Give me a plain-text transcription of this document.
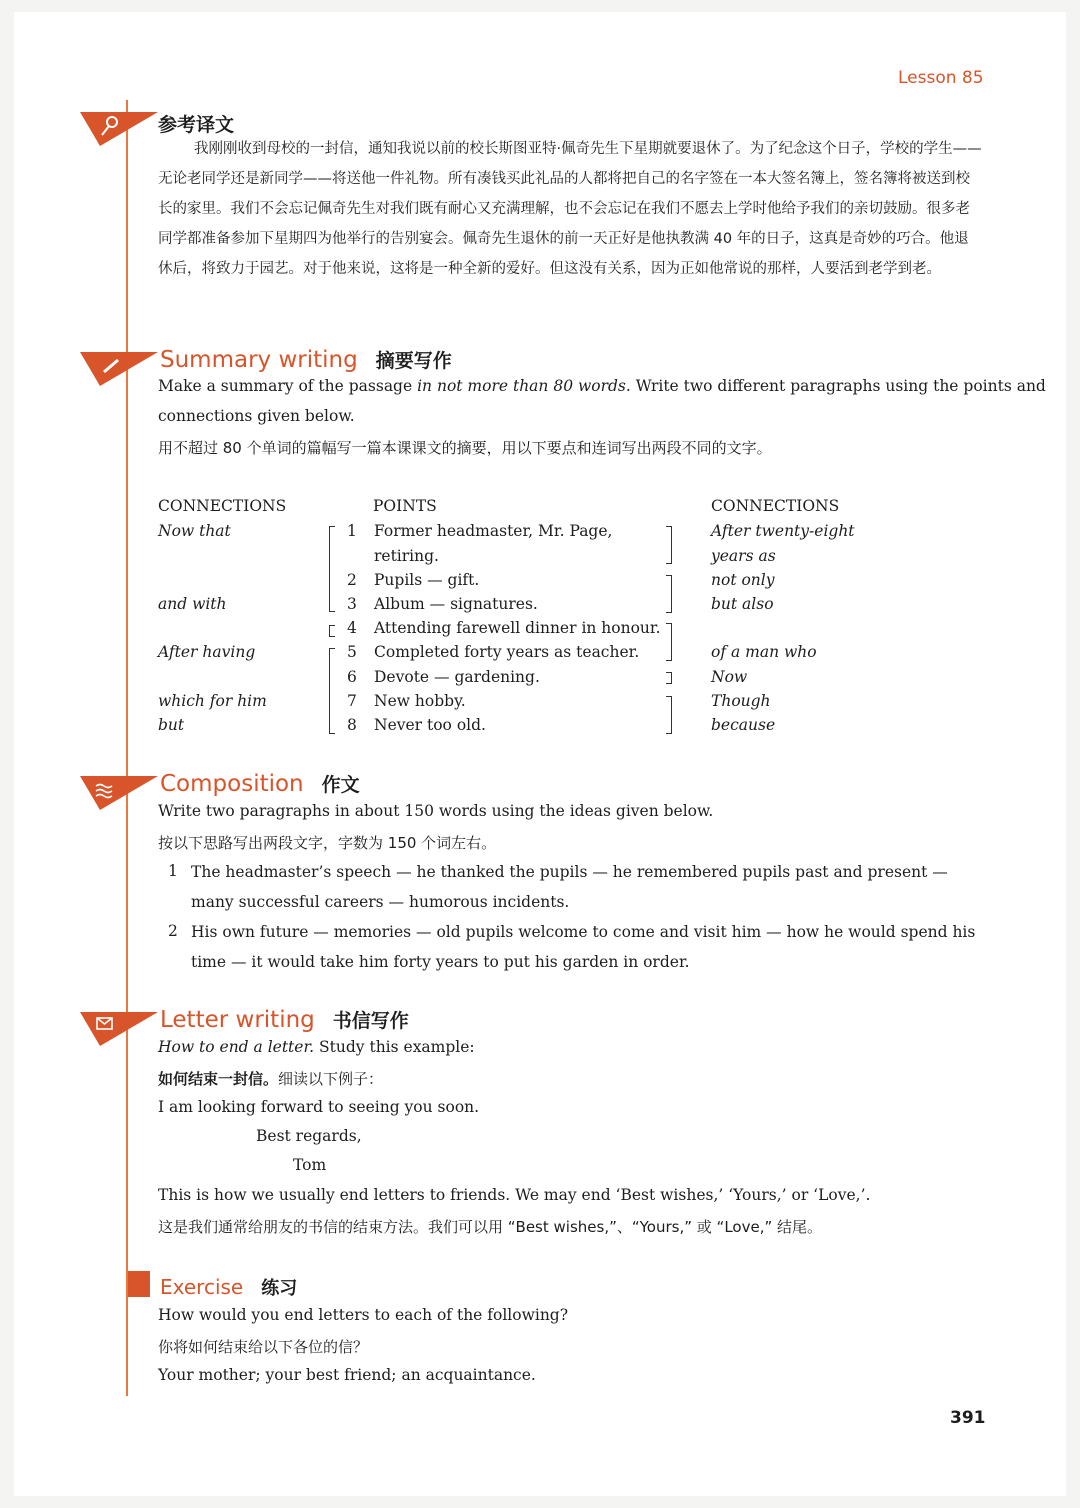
Lesson 85
参考译文
我刚刚收到母校的一封信，通知我说以前的校长斯图亚特·佩奇先生下星期就要退休了。为了纪念这个日子，学校的学生——无论老同学还是新同学——将送他一件礼物。所有凑钱买此礼品的人都将把自己的名字签在一本大签名簿上，签名簿将被送到校长的家里。我们不会忘记佩奇先生对我们既有耐心又充满理解，也不会忘记在我们不愿去上学时他给予我们的亲切鼓励。很多老同学都准备参加下星期四为他举行的告别宴会。佩奇先生退休的前一天正好是他执教满 40 年的日子，这真是奇妙的巧合。他退休后，将致力于园艺。对于他来说，这将是一种全新的爱好。但这没有关系，因为正如他常说的那样，人要活到老学到老。
Summary writing 摘要写作
Make a summary of the passage in not more than 80 words. Write two different paragraphs using the points and
connections given below.
用不超过 80 个单词的篇幅写一篇本课课文的摘要，用以下要点和连词写出两段不同的文字。
CONNECTIONS	POINTS	CONNECTIONS
Now that
and with
After having
which for him
but
1
2
3
4
5
6
7
8
Former headmaster, Mr. Page,
retiring.
Pupils — gift.
Album — signatures.
Attending farewell dinner in honour.
Completed forty years as teacher.
Devote — gardening.
New hobby.
Never too old.
After twenty-eight
years as
not only
but also
of a man who
Now
Though
because
Composition 作文
Write two paragraphs in about 150 words using the ideas given below.
按以下思路写出两段文字，字数为 150 个词左右。
1 The headmaster’s speech — he thanked the pupils — he remembered pupils past and present — many successful careers — humorous incidents.
2 His own future — memories — old pupils welcome to come and visit him — how he would spend his time — it would take him forty years to put his garden in order.
Letter writing 书信写作
How to end a letter. Study this example:
如何结束一封信。细读以下例子：
I am looking forward to seeing you soon.
Best regards,
Tom
This is how we usually end letters to friends. We may end ‘Best wishes,’ ‘Yours,’ or ‘Love,’.
这是我们通常给朋友的书信的结束方法。我们可以用 “Best wishes,”、“Yours,” 或 “Love,” 结尾。
Exercise 练习
How would you end letters to each of the following?
你将如何结束给以下各位的信？
Your mother; your best friend; an acquaintance.
391
